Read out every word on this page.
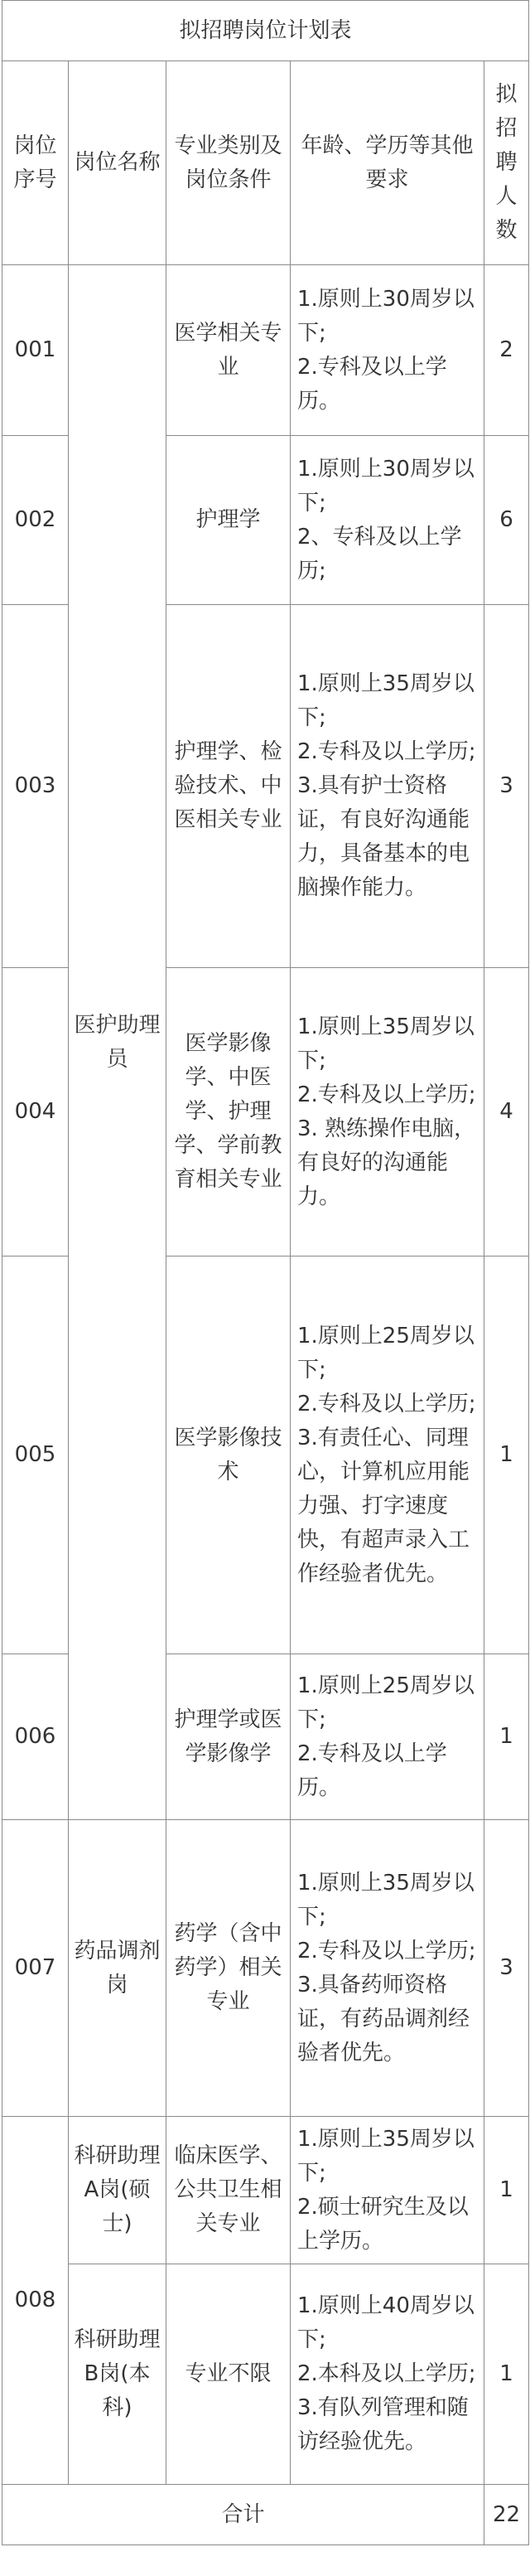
拟招聘岗位计划表				
岗位序号	岗位名称	专业类别及岗位条件	年龄、学历等其他要求	拟招聘人数
001	医护助理员	医学相关专业	1.原则上30周岁以下;
2.专科及以上学历。	2
002		护理学	1.原则上30周岁以下;
2、专科及以上学历;	6
003		护理学、检验技术、中医相关专业	1.原则上35周岁以下;
2.专科及以上学历;
3.具有护士资格证，有良好沟通能力，具备基本的电脑操作能力。	3
004		医学影像学、中医学、护理学、学前教育相关专业	1.原则上35周岁以下;
2.专科及以上学历;
3. 熟练操作电脑，有良好的沟通能力。	4
005		医学影像技术	1.原则上25周岁以下;
2.专科及以上学历;
3.有责任心、同理心，计算机应用能力强、打字速度快，有超声录入工作经验者优先。	1
006		护理学或医学影像学	1.原则上25周岁以下;
2.专科及以上学历。	1
007	药品调剂岗	药学（含中药学）相关专业	1.原则上35周岁以下;
2.专科及以上学历;
3.具备药师资格证，有药品调剂经验者优先。	3
008	科研助理A岗(硕士)	临床医学、公共卫生相关专业	1.原则上35周岁以下;
2.硕士研究生及以上学历。	1
	科研助理B岗(本科)	专业不限	1.原则上40周岁以下;
2.本科及以上学历;
3.有队列管理和随访经验优先。	1
合计				22
